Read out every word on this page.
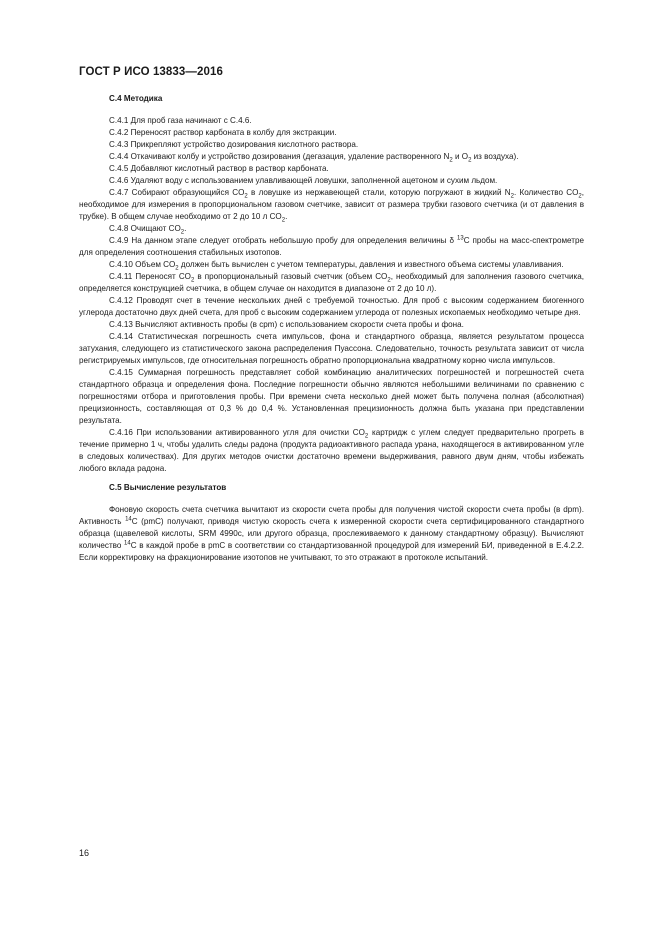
ГОСТ Р ИСО 13833—2016

С.4 Методика

С.4.1 Для проб газа начинают с С.4.6.

С.4.2 Переносят раствор карбоната в колбу для экстракции.

С.4.3 Прикрепляют устройство дозирования кислотного раствора.

С.4.4 Откачивают колбу и устройство дозирования (дегазация, удаление растворенного $N_2$ и $O_2$ из воздуха).

С.4.5 Добавляют кислотный раствор в раствор карбоната.

С.4.6 Удаляют воду с использованием улавливающей ловушки, заполненной ацетоном и сухим льдом.

С.4.7 Собирают образующийся $СO_2$ в ловушке из нержавеющей стали, которую погружают в жидкий $N_2$. Количество $СO_2$, необходимое для измерения в пропорциональном газовом счетчике, зависит от размера трубки газового счетчика (и от давления в трубке). В общем случае необходимо от 2 до 10 л $СO_2$.

С.4.8 Очищают $СO_2$.

С.4.9 На данном этапе следует отобрать небольшую пробу для определения величины δ $^{13}$С пробы на масс-спектрометре для определения соотношения стабильных изотопов.

С.4.10 Объем $СO_2$ должен быть вычислен с учетом температуры, давления и известного объема системы улавливания.

С.4.11 Переносят $СO_2$ в пропорциональный газовый счетчик (объем $СO_2$, необходимый для заполнения газового счетчика, определяется конструкцией счетчика, в общем случае он находится в диапазоне от 2 до 10 л).

С.4.12 Проводят счет в течение нескольких дней с требуемой точностью. Для проб с высоким содержанием биогенного углерода достаточно двух дней счета, для проб с высоким содержанием углерода от полезных ископаемых необходимо четыре дня.

С.4.13 Вычисляют активность пробы (в cpm) с использованием скорости счета пробы и фона.

С.4.14 Статистическая погрешность счета импульсов, фона и стандартного образца, является результатом процесса затухания, следующего из статистического закона распределения Пуассона. Следовательно, точность результата зависит от числа регистрируемых импульсов, где относительная погрешность обратно пропорциональна квадратному корню числа импульсов.

С.4.15 Суммарная погрешность представляет собой комбинацию аналитических погрешностей и погрешностей счета стандартного образца и определения фона. Последние погрешности обычно являются небольшими величинами по сравнению с погрешностями отбора и приготовления пробы. При времени счета несколько дней может быть получена полная (абсолютная) прецизионность, составляющая от 0,3 % до 0,4 %. Установленная прецизионность должна быть указана при представлении результата.

С.4.16 При использовании активированного угля для очистки $СO_2$ картридж с углем следует предварительно прогреть в течение примерно 1 ч, чтобы удалить следы радона (продукта радиоактивного распада урана, находящегося в активированном угле в следовых количествах). Для других методов очистки достаточно времени выдерживания, равного двум дням, чтобы избежать любого вклада радона.

С.5 Вычисление результатов

Фоновую скорость счета счетчика вычитают из скорости счета пробы для получения чистой скорости счета пробы (в dpm). Активность $^{14}$С (pmC) получают, приводя чистую скорость счета к измеренной скорости счета сертифицированного стандартного образца (щавелевой кислоты, SRM 4990c, или другого образца, прослеживаемого к данному стандартному образцу). Вычисляют количество $^{14}$С в каждой пробе в pmC в соответствии со стандартизованной процедурой для измерений БИ, приведенной в Е.4.2.2. Если корректировку на фракционирование изотопов не учитывают, то это отражают в протоколе испытаний.

16
